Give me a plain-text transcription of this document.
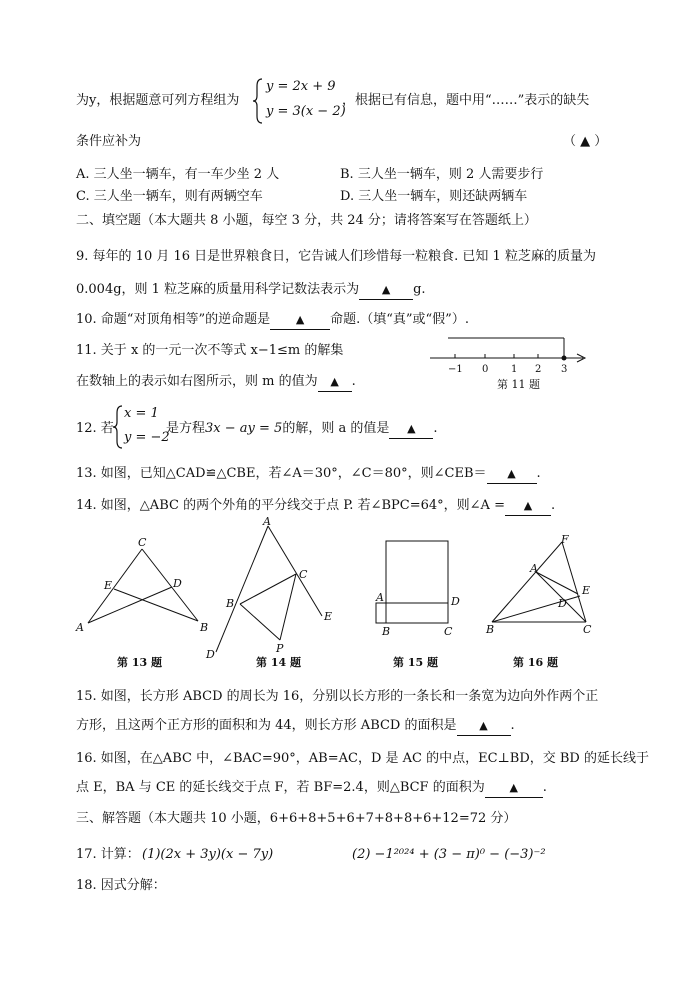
为y，根据题意可列方程组为
y = 2x + 9
y = 3(x − 2)
，根据已有信息，题中用“……”表示的缺失
条件应补为	（ ▲ ）
A. 三人坐一辆车，有一车少坐 2 人	B. 三人坐一辆车，则 2 人需要步行
C. 三人坐一辆车，则有两辆空车	D. 三人坐一辆车，则还缺两辆车
二、填空题（本大题共 8 小题，每空 3 分，共 24 分；请将答案写在答题纸上）
9. 每年的 10 月 16 日是世界粮食日，它告诫人们珍惜每一粒粮食. 已知 1 粒芝麻的质量为
0.004g，则 1 粒芝麻的质量用科学记数法表示为 ▲ g.
10. 命题“对顶角相等”的逆命题是 ▲ 命题.（填“真”或“假”）.
11. 关于 x 的一元一次不等式 x−1≤m 的解集
在数轴上的表示如右图所示，则 m 的值为 ▲ .
−1 0 1 2 3
第 11 题
12. 若
x = 1
y = −2
是方程3x − ay = 5的解，则 a 的值是 ▲ .
13. 如图，已知△CAD≌△CBE，若∠A＝30°，∠C＝80°，则∠CEB＝ ▲ .
14. 如图，△ABC 的两个外角的平分线交于点 P. 若∠BPC=64°，则∠A = ▲ .
C
E	D
A	B
第 13 题
A
C
B
E
D	P
第 14 题
A	D
B	C
第 15 题
F
A
E
D
B	C
第 16 题
15. 如图，长方形 ABCD 的周长为 16，分别以长方形的一条长和一条宽为边向外作两个正
方形，且这两个正方形的面积和为 44，则长方形 ABCD 的面积是 ▲ .
16. 如图，在△ABC 中，∠BAC=90°，AB=AC，D 是 AC 的中点，EC⊥BD，交 BD 的延长线于
点 E，BA 与 CE 的延长线交于点 F，若 BF=2.4，则△BCF 的面积为 ▲ .
三、解答题（本大题共 10 小题，6+6+8+5+6+7+8+8+6+12=72 分）
17. 计算： (1)(2x + 3y)(x − 7y)	(2) −1²⁰²⁴ + (3 − π)⁰ − (−3)⁻²
18. 因式分解：
